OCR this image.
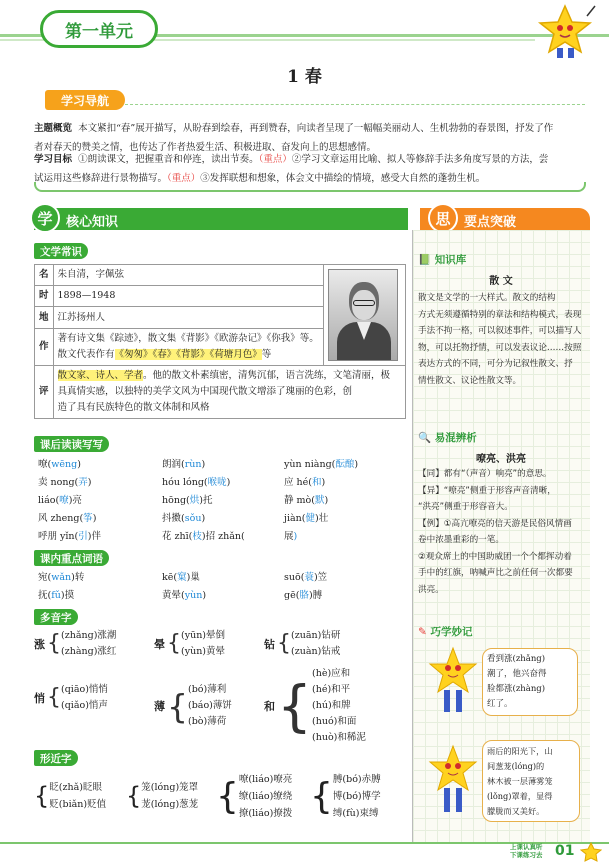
第一单元
1 春
学习导航
主题概览 本文紧扣“春”展开描写，从盼春到绘春，再到赞春，向读者呈现了一幅幅美丽动人、生机勃勃的春景图，抒发了作
者对春天的赞美之情，也传达了作者热爱生活、积极进取、奋发向上的思想感情。
学习目标 ①朗读课文，把握重音和停连，读出节奏。（重点）②学习文章运用比喻、拟人等修辞手法多角度写景的方法，尝
试运用这些修辞进行景物描写。（重点）③发挥联想和想象，体会文中描绘的情境，感受大自然的蓬勃生机。
学	核心知识	思	要点突破
文学常识
名	朱自清，字佩弦	

时	1898—1948	
地	江苏扬州人	
作	著有诗文集《踪迹》，散文集《背影》《欧游杂记》《你我》等。
散文代表作有《匆匆》《春》《背影》《荷塘月色》等	
评	散文家、诗人、学者。他的散文朴素缜密，清隽沉郁，语言洗练，文笔清丽，极
具真情实感，以独特的美学文风为中国现代散文增添了瑰丽的色彩，创
造了具有民族特色的散文体制和风格	
课后读读写写
嘹(wēng)	朗润(rùn)	yùn niàng(酝酿)
卖 nong(弄)	hóu lóng(喉咙)	应 hé(和)
liáo(嘹)亮	hōng(烘)托	静 mò(默)
风 zheng(筝)	抖擞(sǒu)	jiàn(健)壮
呼朋 yǐn(引)伴	花 zhī(枝)招 zhǎn(	展)
课内重点词语
宛(wǎn)转	kē(窠)巢	suō(蓑)笠
抚(fǔ)摸	黄晕(yùn)	gē(胳)膊
多音字
涨 { (zhǎng)涨潮
(zhàng)涨红
晕 { (yūn)晕倒
(yùn)黄晕
钻 { (zuān)钻研
(zuàn)钻戒
悄 { (qiāo)悄悄
(qiǎo)悄声	薄 { (bó)薄利
(báo)薄饼
(bò)薄荷
和 { (hè)应和
(hé)和平
(hú)和牌
(huó)和面
(huò)和稀泥
形近字
{ 眨(zhǎ)眨眼
贬(biǎn)贬值 { 笼(lóng)笼罩
茏(lóng)葱茏 { 嘹(liáo)嘹亮
缭(liáo)缭绕
撩(liáo)撩拨 { 膊(bó)赤膊
博(bó)博学
缚(fù)束缚
📗 知识库
散 文
散文是文学的一大样式。散文的结构
方式无须遵循特别的章法和结构模式，表现
手法不拘一格，可以叙述事件，可以描写人
物，可以托物抒情，可以发表议论……按照
表达方式的不同，可分为记叙性散文、抒
情性散文、议论性散文等。
🔍 易混辨析
嘹亮、洪亮
【同】都有“（声音）响亮”的意思。
【异】“嘹亮”侧重于形容声音清晰，
“洪亮”侧重于形容音大。
【例】①高亢嘹亮的信天游是民俗风情画
卷中浓墨重彩的一笔。
②观众席上的中国助威团一个个都挥动着
手中的红旗，呐喊声比之前任何一次都要
洪亮。
✎ 巧学妙记
看到涨(zhǎng)
潮了，他兴奋得
脸都涨(zhàng)
红了。
雨后的阳光下，山
间葱茏(lóng)的
林木被一层薄雾笼
(lǒng)罩着，显得
朦胧而又美好。
上课认真听
下课练习去 01
